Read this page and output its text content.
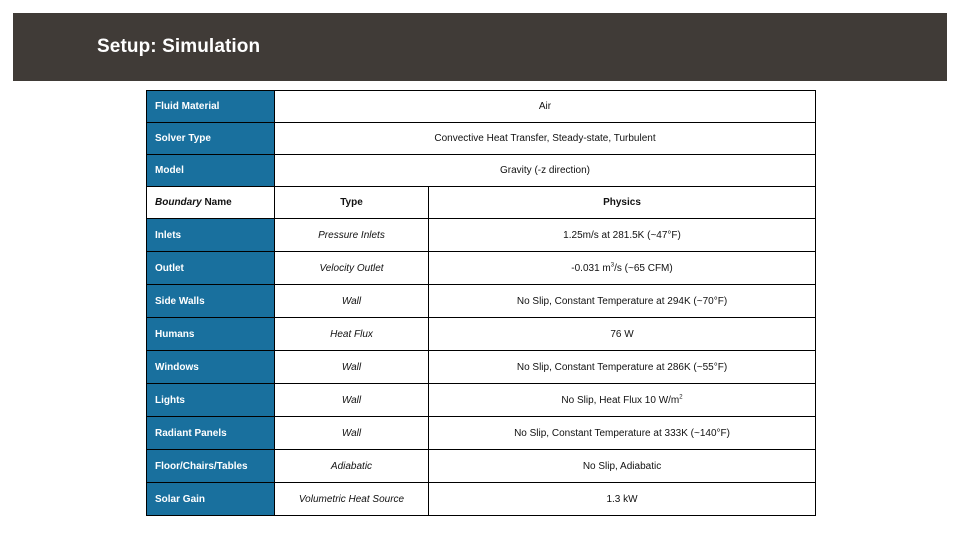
Setup: Simulation
Fluid Material	Air	
Solver Type	Convective Heat Transfer, Steady-state, Turbulent	
Model	Gravity (-z direction)	
Boundary Name	Type	Physics
Inlets	Pressure Inlets	1.25m/s at 281.5K (~47°F)
Outlet	Velocity Outlet	-0.031 $m^3/s$ (~65 CFM)
Side Walls	Wall	No Slip, Constant Temperature at 294K (~70°F)
Humans	Heat Flux	76 W
Windows	Wall	No Slip, Constant Temperature at 286K (~55°F)
Lights	Wall	No Slip, Heat Flux 10 $W/m^2$
Radiant Panels	Wall	No Slip, Constant Temperature at 333K (~140°F)
Floor/Chairs/Tables	Adiabatic	No Slip, Adiabatic
Solar Gain	Volumetric Heat Source	1.3 kW
